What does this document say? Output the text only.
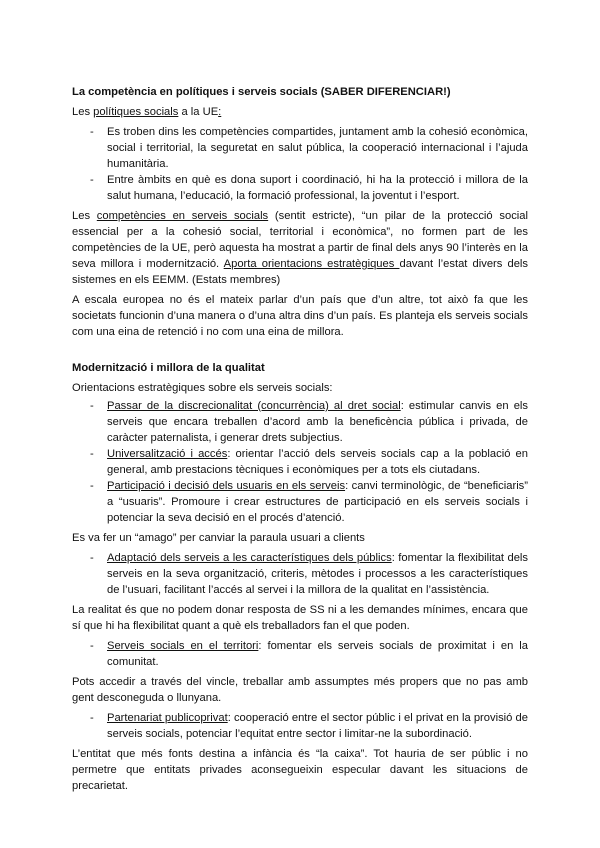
La competència en polítiques i serveis socials (SABER DIFERENCIAR!)

Les polítiques socials a la UE:

- Es troben dins les competències compartides, juntament amb la cohesió econòmica, social i territorial, la seguretat en salut pública, la cooperació internacional i l’ajuda humanitària.
- Entre àmbits en què es dona suport i coordinació, hi ha la protecció i millora de la salut humana, l’educació, la formació professional, la joventut i l’esport.

Les competències en serveis socials (sentit estricte), “un pilar de la protecció social essencial per a la cohesió social, territorial i econòmica”, no formen part de les competències de la UE, però aquesta ha mostrat a partir de final dels anys 90 l’interès en la seva millora i modernització. Aporta orientacions estratègiques davant l’estat divers dels sistemes en els EEMM. (Estats membres)

A escala europea no és el mateix parlar d’un país que d’un altre, tot això fa que les societats funcionin d’una manera o d’una altra dins d’un país. Es planteja els serveis socials com una eina de retenció i no com una eina de millora.

Modernització i millora de la qualitat

Orientacions estratègiques sobre els serveis socials:

- Passar de la discrecionalitat (concurrència) al dret social: estimular canvis en els serveis que encara treballen d’acord amb la beneficència pública i privada, de caràcter paternalista, i generar drets subjectius.
- Universalització i accés: orientar l’acció dels serveis socials cap a la població en general, amb prestacions tècniques i econòmiques per a tots els ciutadans.
- Participació i decisió dels usuaris en els serveis: canvi terminològic, de “beneficiaris” a “usuaris”. Promoure i crear estructures de participació en els serveis socials i potenciar la seva decisió en el procés d’atenció.

Es va fer un “amago” per canviar la paraula usuari a clients

- Adaptació dels serveis a les característiques dels públics: fomentar la flexibilitat dels serveis en la seva organització, criteris, mètodes i processos a les característiques de l’usuari, facilitant l’accés al servei i la millora de la qualitat en l’assistència.

La realitat és que no podem donar resposta de SS ni a les demandes mínimes, encara que sí que hi ha flexibilitat quant a què els treballadors fan el que poden.

- Serveis socials en el territori: fomentar els serveis socials de proximitat i en la comunitat.

Pots accedir a través del vincle, treballar amb assumptes més propers que no pas amb gent desconeguda o llunyana.

- Partenariat publicoprivat: cooperació entre el sector públic i el privat en la provisió de serveis socials, potenciar l’equitat entre sector i limitar-ne la subordinació.

L’entitat que més fonts destina a infància és “la caixa”. Tot hauria de ser públic i no permetre que entitats privades aconsegueixin especular davant les situacions de precarietat.
